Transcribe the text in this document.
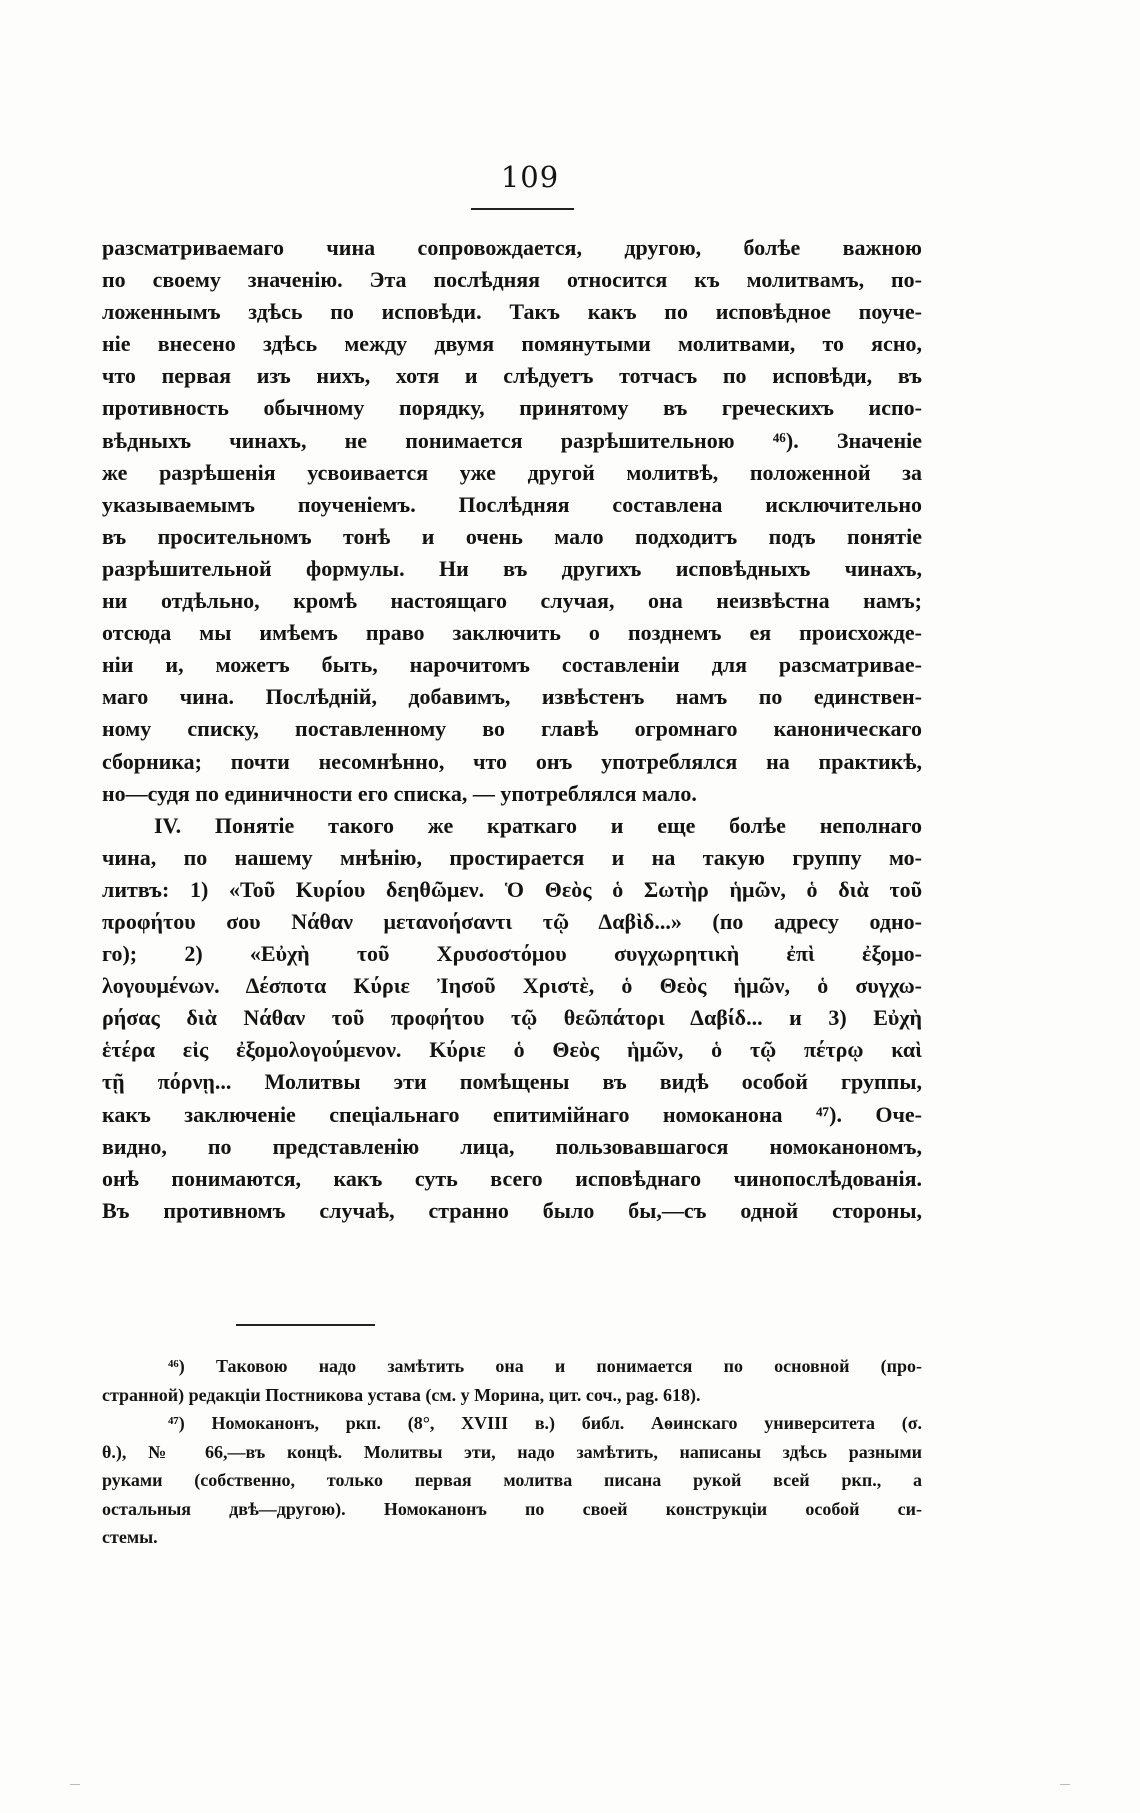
109
разсматриваемаго чина сопровождается, другою, болѣе важною
по своему значенію. Эта послѣдняя относится къ молитвамъ, по-
ложеннымъ здѣсь по исповѣди. Такъ какъ по исповѣдное поуче-
ніе внесено здѣсь между двумя помянутыми молитвами, то ясно,
что первая изъ нихъ, хотя и слѣдуетъ тотчасъ по исповѣди, въ
противность обычному порядку, принятому въ греческихъ испо-
вѣдныхъ чинахъ, не понимается разрѣшительною ⁴⁶). Значеніе
же разрѣшенія усвоивается уже другой молитвѣ, положенной за
указываемымъ поученіемъ. Послѣдняя составлена исключительно
въ просительномъ тонѣ и очень мало подходитъ подъ понятіе
разрѣшительной формулы. Ни въ другихъ исповѣдныхъ чинахъ,
ни отдѣльно, кромѣ настоящаго случая, она неизвѣстна намъ;
отсюда мы имѣемъ право заключить о позднемъ ея происхожде-
ніи и, можетъ быть, нарочитомъ составленіи для разсматривае-
маго чина. Послѣдній, добавимъ, извѣстенъ намъ по единствен-
ному списку, поставленному во главѣ огромнаго каноническаго
сборника; почти несомнѣнно, что онъ употреблялся на практикѣ,
но—судя по единичности его списка, — употреблялся мало.
IV. Понятіе такого же краткаго и еще болѣе неполнаго
чина, по нашему мнѣнію, простирается и на такую группу мо-
литвъ: 1) «Τοῦ Κυρίου δεηθῶμεν. Ὁ Θεὸς ὁ Σωτὴρ ἡμῶν, ὁ διὰ τοῦ
προφήτου σου Νάθαν μετανοήσαντι τῷ Δαβὶδ...» (по адресу одно-
го); 2) «Εὐχὴ τοῦ Χρυσοστόμου συγχωρητικὴ ἐπὶ ἐξομο-
λογουμένων. Δέσποτα Κύριε Ἰησοῦ Χριστὲ, ὁ Θεὸς ἡμῶν, ὁ συγχω-
ρήσας διὰ Νάθαν τοῦ προφήτου τῷ θεῶπάτορι Δαβίδ... и 3) Εὐχὴ
ἑτέρα εἰς ἐξομολογούμενον. Κύριε ὁ Θεὸς ἡμῶν, ὁ τῷ πέτρῳ καὶ
τῇ πόρνῃ... Молитвы эти помѣщены въ видѣ особой группы,
какъ заключеніе спеціальнаго епитимійнаго номоканона ⁴⁷). Оче-
видно, по представленію лица, пользовавшагося номоканономъ,
онѣ понимаются, какъ суть всего исповѣднаго чинопослѣдованія.
Въ противномъ случаѣ, странно было бы,—съ одной стороны,
⁴⁶) Таковою надо замѣтить она и понимается по основной (про-
странной) редакціи Постникова устава (см. у Морина, цит. соч., pag. 618).
⁴⁷) Номоканонъ, ркп. (8°, XVIII в.) библ. Аѳинскаго университета (σ.
θ.), № 66,—въ концѣ. Молитвы эти, надо замѣтить, написаны здѣсь разными
руками (собственно, только первая молитва писана рукой всей ркп., а
остальныя двѣ—другою). Номоканонъ по своей конструкціи особой си-
стемы.
